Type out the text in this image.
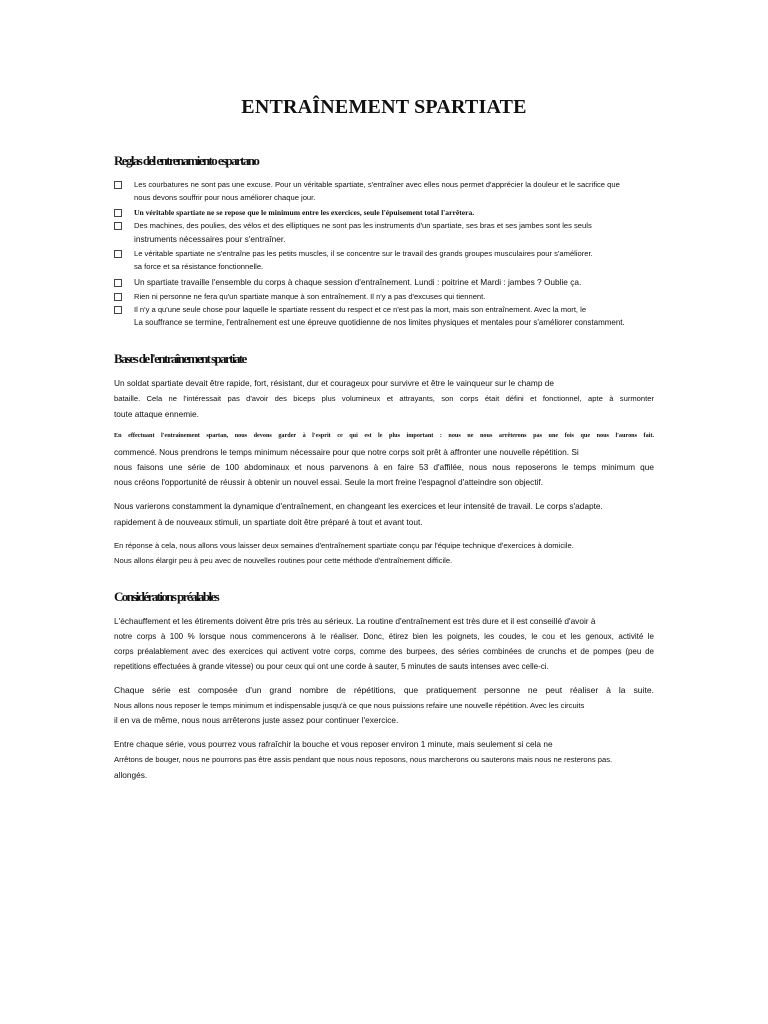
ENTRAÎNEMENT SPARTIATE
Reglas del entrenamiento espartano
Les courbatures ne sont pas une excuse. Pour un véritable spartiate, s'entraîner avec elles nous permet d'apprécier la douleur et le sacrifice que
nous devons souffrir pour nous améliorer chaque jour.
Un véritable spartiate ne se repose que le minimum entre les exercices, seule l'épuisement total l'arrêtera.
Des machines, des poulies, des vélos et des elliptiques ne sont pas les instruments d'un spartiate, ses bras et ses jambes sont les seuls
instruments nécessaires pour s'entraîner.
Le véritable spartiate ne s'entraîne pas les petits muscles, il se concentre sur le travail des grands groupes musculaires pour s'améliorer.
sa force et sa résistance fonctionnelle.
Un spartiate travaille l'ensemble du corps à chaque session d'entraînement. Lundi : poitrine et Mardi : jambes ? Oublie ça.
Rien ni personne ne fera qu'un spartiate manque à son entraînement. Il n'y a pas d'excuses qui tiennent.
Il n'y a qu'une seule chose pour laquelle le spartiate ressent du respect et ce n'est pas la mort, mais son entraînement. Avec la mort, le
La souffrance se termine, l'entraînement est une épreuve quotidienne de nos limites physiques et mentales pour s'améliorer constamment.
Bases de l'entraînement spartiate
Un soldat spartiate devait être rapide, fort, résistant, dur et courageux pour survivre et être le vainqueur sur le champ de
bataille. Cela ne l'intéressait pas d'avoir des biceps plus volumineux et attrayants, son corps était défini et fonctionnel, apte à surmonter
toute attaque ennemie.
En effectuant l'entraînement spartan, nous devons garder à l'esprit ce qui est le plus important : nous ne nous arrêterons pas une fois que nous l'aurons fait.
commencé. Nous prendrons le temps minimum nécessaire pour que notre corps soit prêt à affronter une nouvelle répétition. Si
nous faisons une série de 100 abdominaux et nous parvenons à en faire 53 d'affilée, nous nous reposerons le temps minimum que
nous créons l'opportunité de réussir à obtenir un nouvel essai. Seule la mort freine l'espagnol d'atteindre son objectif.
Nous varierons constamment la dynamique d'entraînement, en changeant les exercices et leur intensité de travail. Le corps s'adapte.
rapidement à de nouveaux stimuli, un spartiate doit être préparé à tout et avant tout.
En réponse à cela, nous allons vous laisser deux semaines d'entraînement spartiate conçu par l'équipe technique d'exercices à domicile.
Nous allons élargir peu à peu avec de nouvelles routines pour cette méthode d'entraînement difficile.
Considérations préalables
L'échauffement et les étirements doivent être pris très au sérieux. La routine d'entraînement est très dure et il est conseillé d'avoir à
notre corps à 100 % lorsque nous commencerons à le réaliser. Donc, étirez bien les poignets, les coudes, le cou et les genoux, activité le
corps préalablement avec des exercices qui activent votre corps, comme des burpees, des séries combinées de crunchs et de pompes (peu de
repetitions effectuées à grande vitesse) ou pour ceux qui ont une corde à sauter, 5 minutes de sauts intenses avec celle-ci.
Chaque série est composée d'un grand nombre de répétitions, que pratiquement personne ne peut réaliser à la suite.
Nous allons nous reposer le temps minimum et indispensable jusqu'à ce que nous puissions refaire une nouvelle répétition. Avec les circuits
il en va de même, nous nous arrêterons juste assez pour continuer l'exercice.
Entre chaque série, vous pourrez vous rafraîchir la bouche et vous reposer environ 1 minute, mais seulement si cela ne
Arrêtons de bouger, nous ne pourrons pas être assis pendant que nous nous reposons, nous marcherons ou sauterons mais nous ne resterons pas.
allongés.
